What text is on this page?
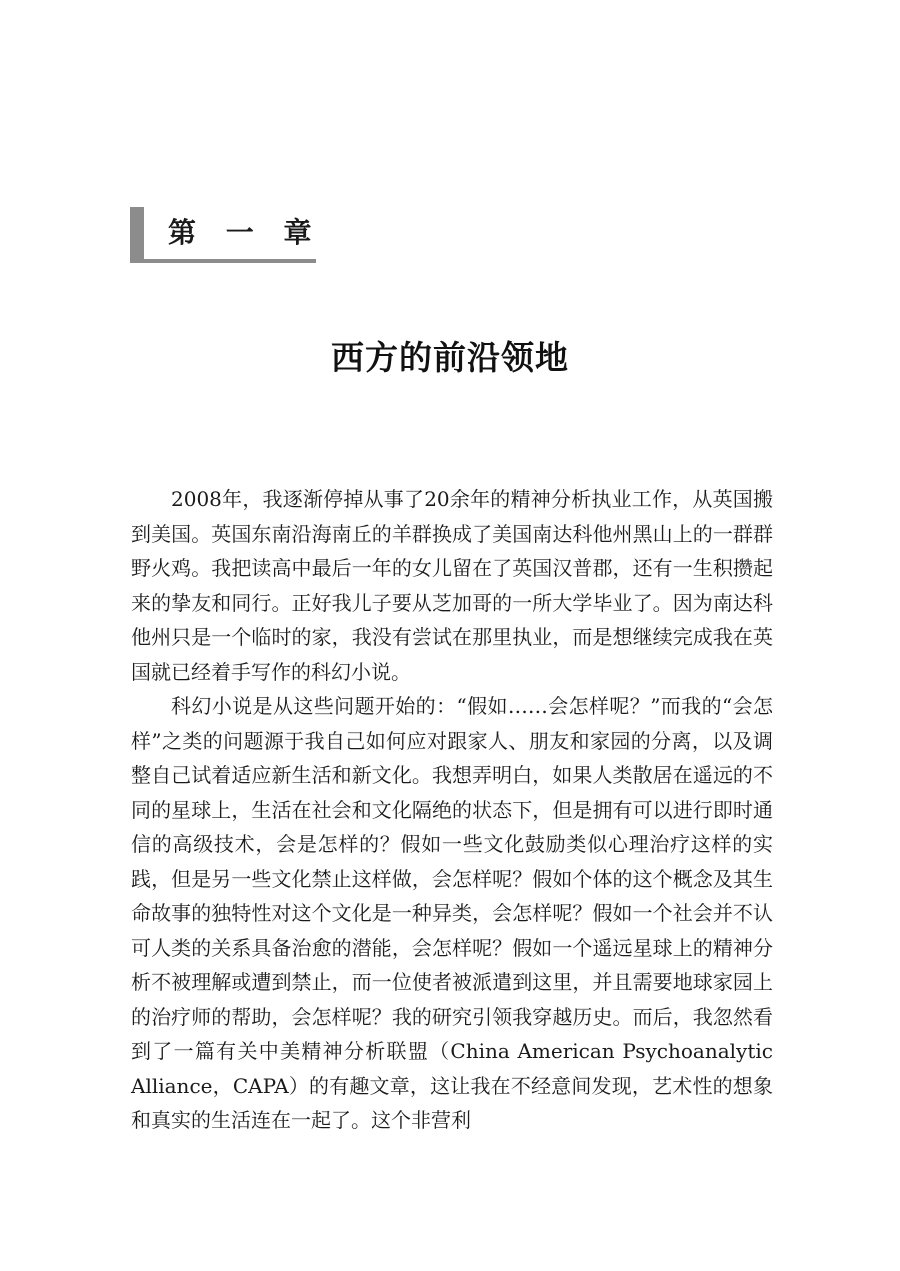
第 一 章
西方的前沿领地

2008年，我逐渐停掉从事了20余年的精神分析执业工作，从英国搬到美国。英国东南沿海南丘的羊群换成了美国南达科他州黑山上的一群群野火鸡。我把读高中最后一年的女儿留在了英国汉普郡，还有一生积攒起来的挚友和同行。正好我儿子要从芝加哥的一所大学毕业了。因为南达科他州只是一个临时的家，我没有尝试在那里执业，而是想继续完成我在英国就已经着手写作的科幻小说。

科幻小说是从这些问题开始的：“假如……会怎样呢？”而我的“会怎样”之类的问题源于我自己如何应对跟家人、朋友和家园的分离，以及调整自己试着适应新生活和新文化。我想弄明白，如果人类散居在遥远的不同的星球上，生活在社会和文化隔绝的状态下，但是拥有可以进行即时通信的高级技术，会是怎样的？假如一些文化鼓励类似心理治疗这样的实践，但是另一些文化禁止这样做，会怎样呢？假如个体的这个概念及其生命故事的独特性对这个文化是一种异类，会怎样呢？假如一个社会并不认可人类的关系具备治愈的潜能，会怎样呢？假如一个遥远星球上的精神分析不被理解或遭到禁止，而一位使者被派遣到这里，并且需要地球家园上的治疗师的帮助，会怎样呢？我的研究引领我穿越历史。而后，我忽然看到了一篇有关中美精神分析联盟（China American Psychoanalytic Alliance，CAPA）的有趣文章，这让我在不经意间发现，艺术性的想象和真实的生活连在一起了。这个非营利
